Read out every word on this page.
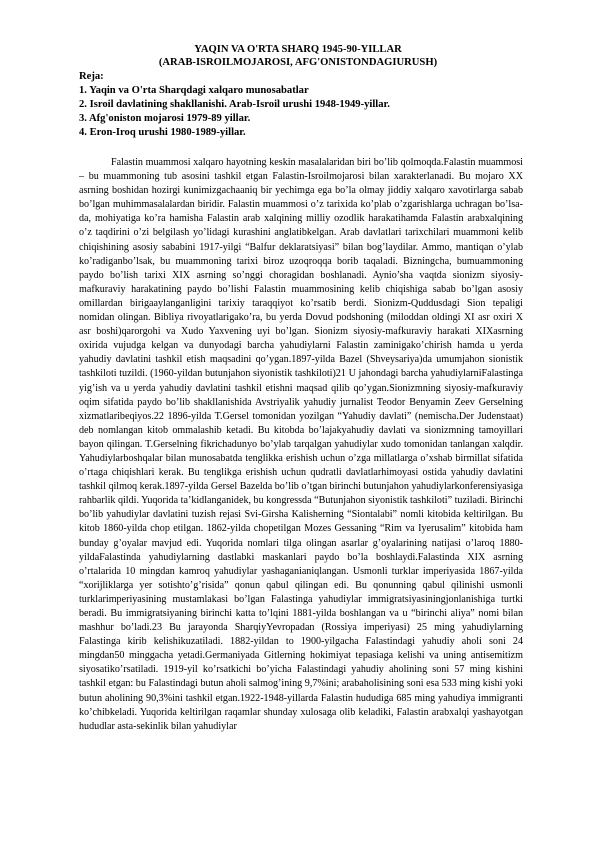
YAQIN VA O'RTA SHARQ 1945-90-YILLAR
(ARAB-ISROILMOJAROSI, AFG'ONISTONDAGIURUSH)
Reja:
1. Yaqin va O'rta Sharqdagi xalqaro munosabatlar
2. Isroil davlatining shakllanishi. Arab-Isroil urushi 1948-1949-yillar.
3. Afg'oniston mojarosi 1979-89 yillar.
4. Eron-Iroq urushi 1980-1989-yillar.

Falastin muammosi xalqaro hayotning keskin masalalaridan biri bo’lib qolmoqda.Falastin muammosi – bu muammoning tub asosini tashkil etgan Falastin-Isroilmojarosi bilan xarakterlanadi. Bu mojaro XX asrning boshidan hozirgi kunimizgachaaniq bir yechimga ega bo’la olmay jiddiy xalqaro xavotirlarga sabab bo’lgan muhimmasalalardan biridir. Falastin muammosi o’z tarixida ko’plab o’zgarishlarga uchragan bo’lsa-da, mohiyatiga ko’ra hamisha Falastin arab xalqining milliy ozodlik harakatihamda Falastin arabxalqining o’z taqdirini o’zi belgilash yo’lidagi kurashini anglatibkelgan. Arab davlatlari tarixchilari muammoni kelib chiqishining asosiy sababini 1917-yilgi “Balfur deklaratsiyasi” bilan bog’laydilar. Ammo, mantiqan o’ylab ko’radiganbo’lsak, bu muammoning tarixi biroz uzoqroqqa borib taqaladi. Bizningcha, bumuammoning paydo bo’lish tarixi XIX asrning so’nggi choragidan boshlanadi. Aynio’sha vaqtda sionizm siyosiy-mafkuraviy harakatining paydo bo’lishi Falastin muammosining kelib chiqishiga sabab bo’lgan asosiy omillardan birigaaylanganligini tarixiy taraqqiyot ko’rsatib berdi. Sionizm-Quddusdagi Sion tepaligi nomidan olingan. Bibliya rivoyatlarigako’ra, bu yerda Dovud podshoning (miloddan oldingi XI asr oxiri X asr boshi)qarorgohi va Xudo Yaxvening uyi bo’lgan. Sionizm siyosiy-mafkuraviy harakati XIXasrning oxirida vujudga kelgan va dunyodagi barcha yahudiylarni Falastin zaminigako’chirish hamda u yerda yahudiy davlatini tashkil etish maqsadini qo’ygan.1897-yilda Bazel (Shveysariya)da umumjahon sionistik tashkiloti tuzildi. (1960-yildan butunjahon siyonistik tashkiloti)21 U jahondagi barcha yahudiylarniFalastinga yig’ish va u yerda yahudiy davlatini tashkil etishni maqsad qilib qo’ygan.Sionizmning siyosiy-mafkuraviy oqim sifatida paydo bo’lib shakllanishida Avstriyalik yahudiy jurnalist Teodor Benyamin Zeev Gerselning xizmatlaribeqiyos.22 1896-yilda T.Gersel tomonidan yozilgan “Yahudiy davlati” (nemischa.Der Judenstaat) deb nomlangan kitob ommalashib ketadi. Bu kitobda bo’lajakyahudiy davlati va sionizmning tamoyillari bayon qilingan. T.Gerselning fikrichadunyo bo’ylab tarqalgan yahudiylar xudo tomonidan tanlangan xalqdir. Yahudiylarboshqalar bilan munosabatda tenglikka erishish uchun o’zga millatlarga o’xshab birmillat sifatida o’rtaga chiqishlari kerak. Bu tenglikga erishish uchun qudratli davlatlarhimoyasi ostida yahudiy davlatini tashkil qilmoq kerak.1897-yilda Gersel Bazelda bo’lib o’tgan birinchi butunjahon yahudiylarkonferensiyasiga rahbarlik qildi. Yuqorida ta’kidlanganidek, bu kongressda “Butunjahon siyonistik tashkiloti” tuziladi. Birinchi bo’lib yahudiylar davlatini tuzish rejasi Svi-Girsha Kalisherning “Siontalabi” nomli kitobida keltirilgan. Bu kitob 1860-yilda chop etilgan. 1862-yilda chopetilgan Mozes Gessaning “Rim va Iyerusalim” kitobida ham bunday g’oyalar mavjud edi. Yuqorida nomlari tilga olingan asarlar g’oyalarining natijasi o’laroq 1880-yildaFalastinda yahudiylarning dastlabki maskanlari paydo bo’la boshlaydi.Falastinda XIX asrning o’rtalarida 10 mingdan kamroq yahudiylar yashaganianiqlangan. Usmonli turklar imperiyasida 1867-yilda “xorijliklarga yer sotishto’g’risida” qonun qabul qilingan edi. Bu qonunning qabul qilinishi usmonli turklarimperiyasining mustamlakasi bo’lgan Falastinga yahudiylar immigratsiyasiningjonlanishiga turtki beradi. Bu immigratsiyaning birinchi katta to’lqini 1881-yilda boshlangan va u “birinchi aliya” nomi bilan mashhur bo’ladi.23 Bu jarayonda SharqiyYevropadan (Rossiya imperiyasi) 25 ming yahudiylarning Falastinga kirib kelishikuzatiladi. 1882-yildan to 1900-yilgacha Falastindagi yahudiy aholi soni 24 mingdan50 minggacha yetadi.Germaniyada Gitlerning hokimiyat tepasiaga kelishi va uning antisemitizm siyosatiko’rsatiladi. 1919-yil ko’rsatkichi bo’yicha Falastindagi yahudiy aholining soni 57 ming kishini tashkil etgan: bu Falastindagi butun aholi salmog’ining 9,7%ini; arabaholisining soni esa 533 ming kishi yoki butun aholining 90,3%ini tashkil etgan.1922-1948-yillarda Falastin hududiga 685 ming yahudiya immigranti ko’chibkeladi. Yuqorida keltirilgan raqamlar shunday xulosaga olib keladiki, Falastin arabxalqi yashayotgan hududlar asta-sekinlik bilan yahudiylar
